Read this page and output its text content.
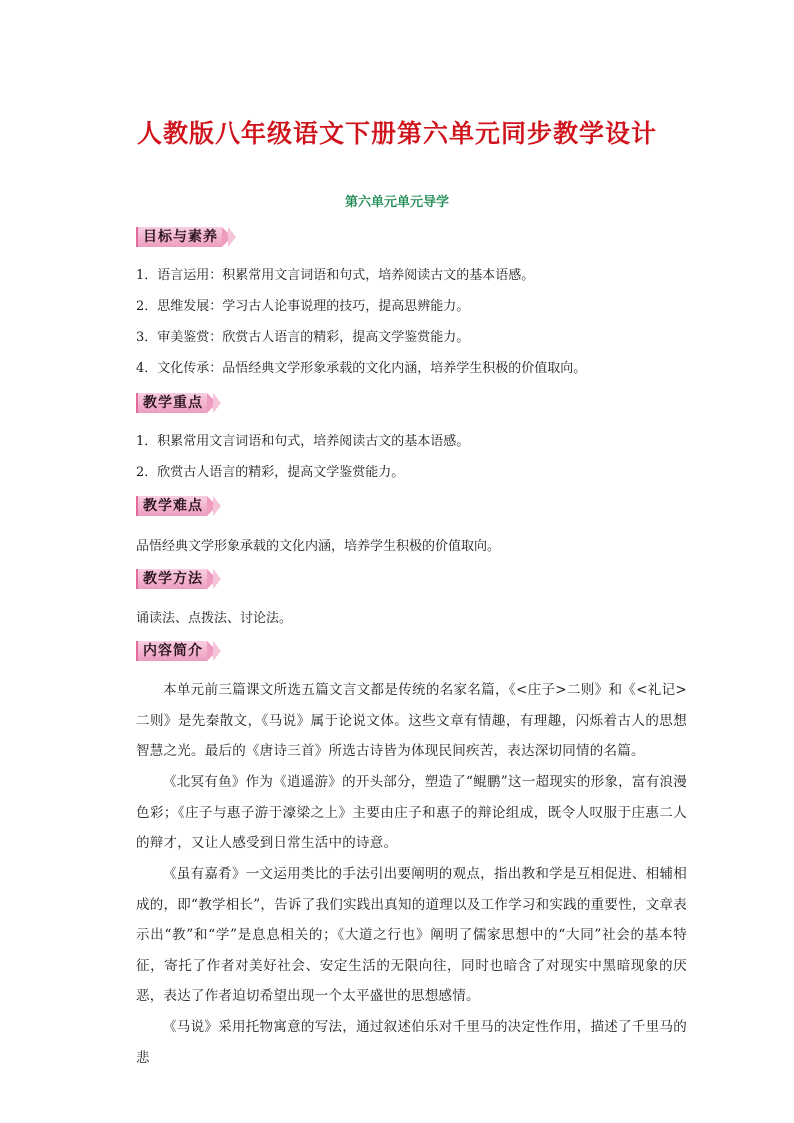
人教版八年级语文下册第六单元同步教学设计
第六单元单元导学
目标与素养
1．语言运用：积累常用文言词语和句式，培养阅读古文的基本语感。
2．思维发展：学习古人论事说理的技巧，提高思辨能力。
3．审美鉴赏：欣赏古人语言的精彩，提高文学鉴赏能力。
4．文化传承：品悟经典文学形象承载的文化内涵，培养学生积极的价值取向。
教学重点
1．积累常用文言词语和句式，培养阅读古文的基本语感。
2．欣赏古人语言的精彩，提高文学鉴赏能力。
教学难点
品悟经典文学形象承载的文化内涵，培养学生积极的价值取向。
教学方法
诵读法、点拨法、讨论法。
内容简介
本单元前三篇课文所选五篇文言文都是传统的名家名篇，《<庄子>二则》和《<礼记>二则》是先秦散文，《马说》属于论说文体。这些文章有情趣，有理趣，闪烁着古人的思想智慧之光。最后的《唐诗三首》所选古诗皆为体现民间疾苦，表达深切同情的名篇。
《北冥有鱼》作为《逍遥游》的开头部分，塑造了“鲲鹏”这一超现实的形象，富有浪漫色彩；《庄子与惠子游于濠梁之上》主要由庄子和惠子的辩论组成，既令人叹服于庄惠二人的辩才，又让人感受到日常生活中的诗意。
《虽有嘉肴》一文运用类比的手法引出要阐明的观点，指出教和学是互相促进、相辅相成的，即“教学相长”，告诉了我们实践出真知的道理以及工作学习和实践的重要性，文章表示出“教”和“学”是息息相关的；《大道之行也》阐明了儒家思想中的“大同”社会的基本特征，寄托了作者对美好社会、安定生活的无限向往，同时也暗含了对现实中黑暗现象的厌恶，表达了作者迫切希望出现一个太平盛世的思想感情。
《马说》采用托物寓意的写法，通过叙述伯乐对千里马的决定性作用，描述了千里马的悲
